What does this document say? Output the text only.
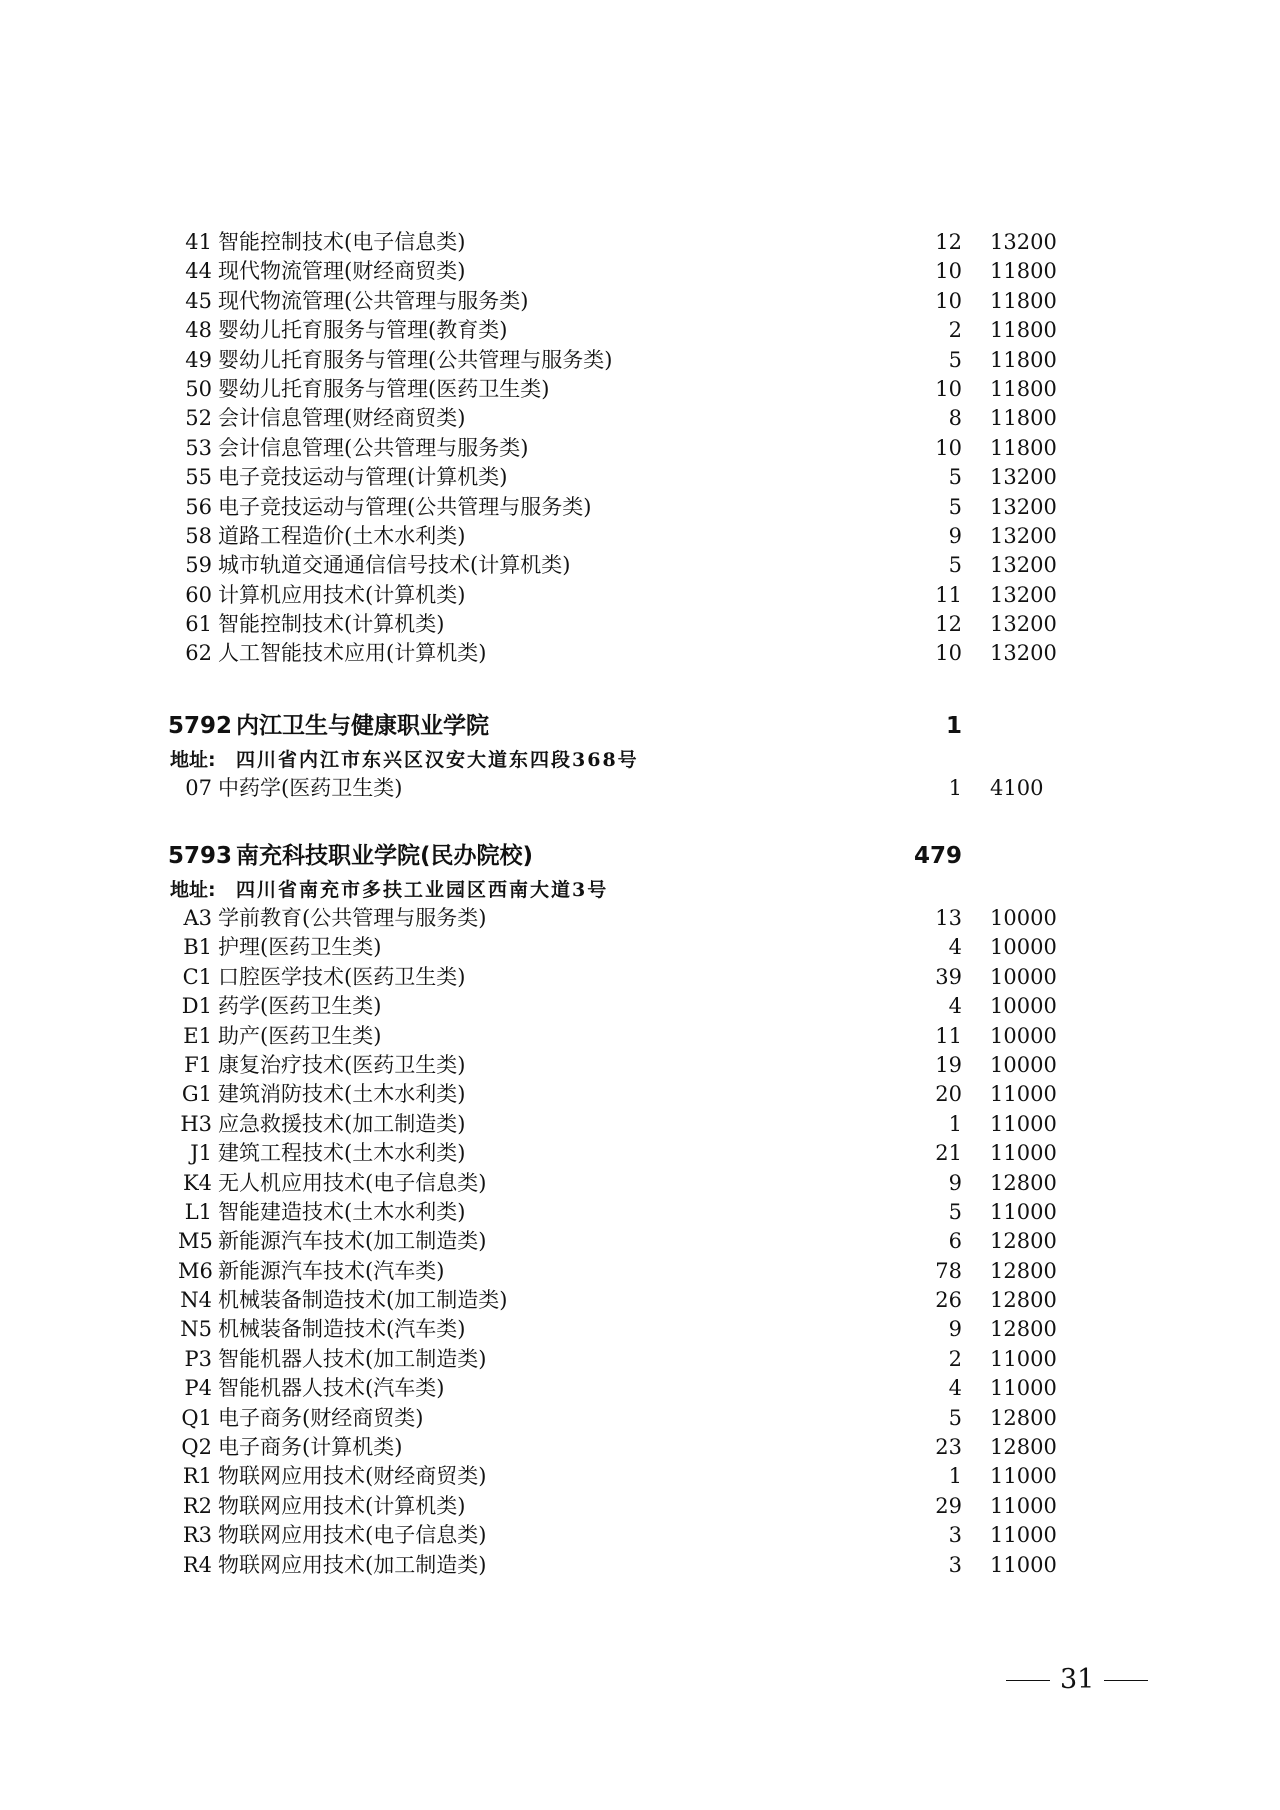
41 智能控制技术(电子信息类)	12 13200
44 现代物流管理(财经商贸类)	10 11800
45 现代物流管理(公共管理与服务类)	10 11800
48 婴幼儿托育服务与管理(教育类)	2 11800
49 婴幼儿托育服务与管理(公共管理与服务类)	5 11800
50 婴幼儿托育服务与管理(医药卫生类)	10 11800
52 会计信息管理(财经商贸类)	8 11800
53 会计信息管理(公共管理与服务类)	10 11800
55 电子竞技运动与管理(计算机类)	5 13200
56 电子竞技运动与管理(公共管理与服务类)	5 13200
58 道路工程造价(土木水利类)	9 13200
59 城市轨道交通通信信号技术(计算机类)	5 13200
60 计算机应用技术(计算机类)	11 13200
61 智能控制技术(计算机类)	12 13200
62 人工智能技术应用(计算机类)	10 13200
5792 内江卫生与健康职业学院	1
地址: 四川省内江市东兴区汉安大道东四段368号
07 中药学(医药卫生类)	1 4100
5793 南充科技职业学院(民办院校)	479
地址: 四川省南充市多扶工业园区西南大道3号
A3 学前教育(公共管理与服务类)	13 10000
B1 护理(医药卫生类)	4 10000
C1 口腔医学技术(医药卫生类)	39 10000
D1 药学(医药卫生类)	4 10000
E1 助产(医药卫生类)	11 10000
F1 康复治疗技术(医药卫生类)	19 10000
G1 建筑消防技术(土木水利类)	20 11000
H3 应急救援技术(加工制造类)	1 11000
J1 建筑工程技术(土木水利类)	21 11000
K4 无人机应用技术(电子信息类)	9 12800
L1 智能建造技术(土木水利类)	5 11000
M5 新能源汽车技术(加工制造类)	6 12800
M6 新能源汽车技术(汽车类)	78 12800
N4 机械装备制造技术(加工制造类)	26 12800
N5 机械装备制造技术(汽车类)	9 12800
P3 智能机器人技术(加工制造类)	2 11000
P4 智能机器人技术(汽车类)	4 11000
Q1 电子商务(财经商贸类)	5 12800
Q2 电子商务(计算机类)	23 12800
R1 物联网应用技术(财经商贸类)	1 11000
R2 物联网应用技术(计算机类)	29 11000
R3 物联网应用技术(电子信息类)	3 11000
R4 物联网应用技术(加工制造类)	3 11000
31
